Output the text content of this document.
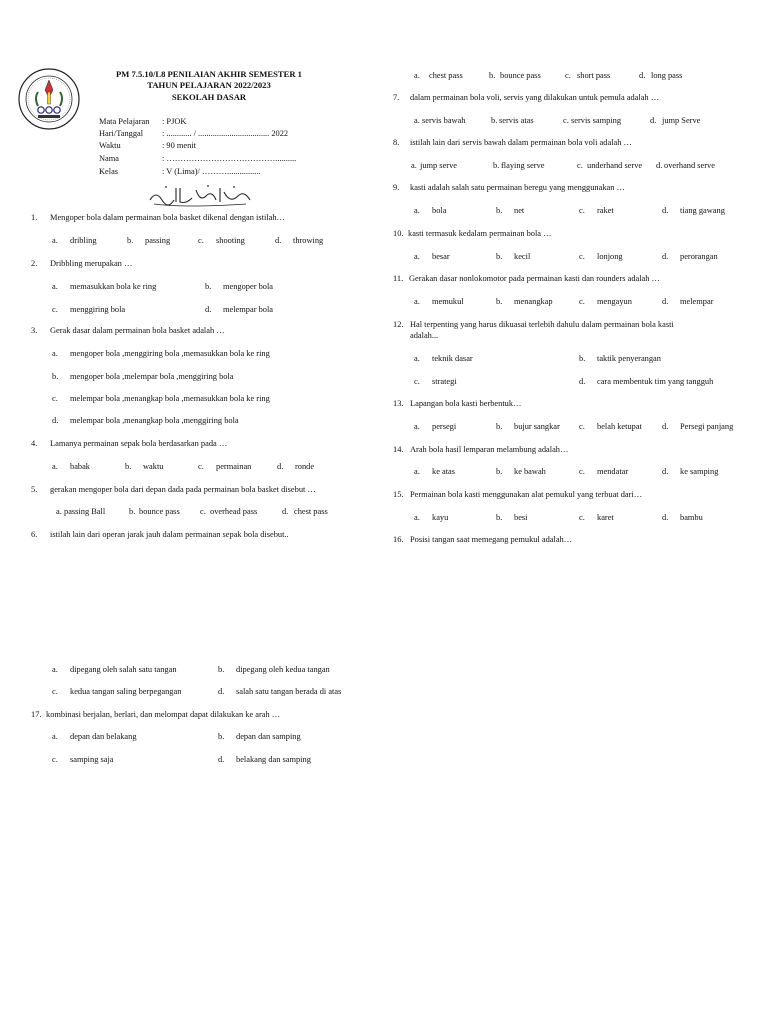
PM 7.5.10/L8 PENILAIAN AKHIR SEMESTER 1
TAHUN PELAJARAN 2022/2023
SEKOLAH DASAR
Mata Pelajaran : PJOK
Hari/Tanggal : ............ / .................................. 2022
Waktu	: 90 menit
Nama	: …………………………………..........
Kelas	: V (Lima)/ ………................
1. Mengoper bola dalam permainan bola basket dikenal dengan istilah…
a. dribling	b. passing	c. shooting	d. throwing
2. Dribbling merupakan …
a. memasukkan bola ke ring	b. mengoper bola
c. menggiring bola	d. melempar bola
3. Gerak dasar dalam permainan bola basket adalah …
a. mengoper bola ,menggiring bola ,memasukkan bola ke ring
b. mengoper bola ,melempar bola ,menggiring bola
c. melempar bola ,menangkap bola ,memasukkan bola ke ring
d. melempar bola ,menangkap bola ,menggiring bola
4. Lamanya permainan sepak bola berdasarkan pada …
a. babak	b. waktu	c. permainan	d. ronde
5. gerakan mengoper bola dari depan dada pada permainan bola basket disebut …
a. passing Ball	b. bounce pass c. overhead pass	d. chest pass
6. istilah lain dari operan jarak jauh dalam permainan sepak bola disebut..
a. dipegang oleh salah satu tangan	b. dipegang oleh kedua tangan
c. kedua tangan saling berpegangan	d. salah satu tangan berada di atas
17. kombinasi berjalan, berlari, dan melompat dapat dilakukan ke arah …
a. depan dan belakang	b. depan dan samping
c. samping saja	d. belakang dan samping
a. chest pass	b. bounce pass	c. short pass	d. long pass
7. dalam permainan bola voli, servis yang dilakukan untuk pemula adalah …
a. servis bawah	b. servis atas	c. servis samping	d. jump Serve
8. istilah lain dari servis bawah dalam permainan bola voli adalah …
a. jump serve	b. flaying serve	c. underhand serve d. overhand serve
9. kasti adalah salah satu permainan beregu yang menggunakan …
a. bola	b. net	c. raket	d. tiang gawang
10. kasti termasuk kedalam permainan bola …
a. besar	b. kecil	c. lonjong	d. perorangan
11. Gerakan dasar nonlokomotor pada permainan kasti dan rounders adalah …
a. memukul	b. menangkap	c. mengayun	d. melempar
12. Hal terpenting yang harus dikuasai terlebih dahulu dalam permainan bola kasti
adalah...
a. teknik dasar	b. taktik penyerangan
c. strategi	d. cara membentuk tim yang tangguh
13. Lapangan bola kasti berbentuk…
a. persegi	b. bujur sangkar c. belah ketupat d. Persegi panjang
14. Arah bola hasil lemparan melambung adalah…
a. ke atas	b. ke bawah	c. mendatar	d. ke samping
15. Permainan bola kasti menggunakan alat pemukul yang terbuat dari…
a. kayu	b. besi	c. karet	d. bambu
16. Posisi tangan saat memegang pemukul adalah…
